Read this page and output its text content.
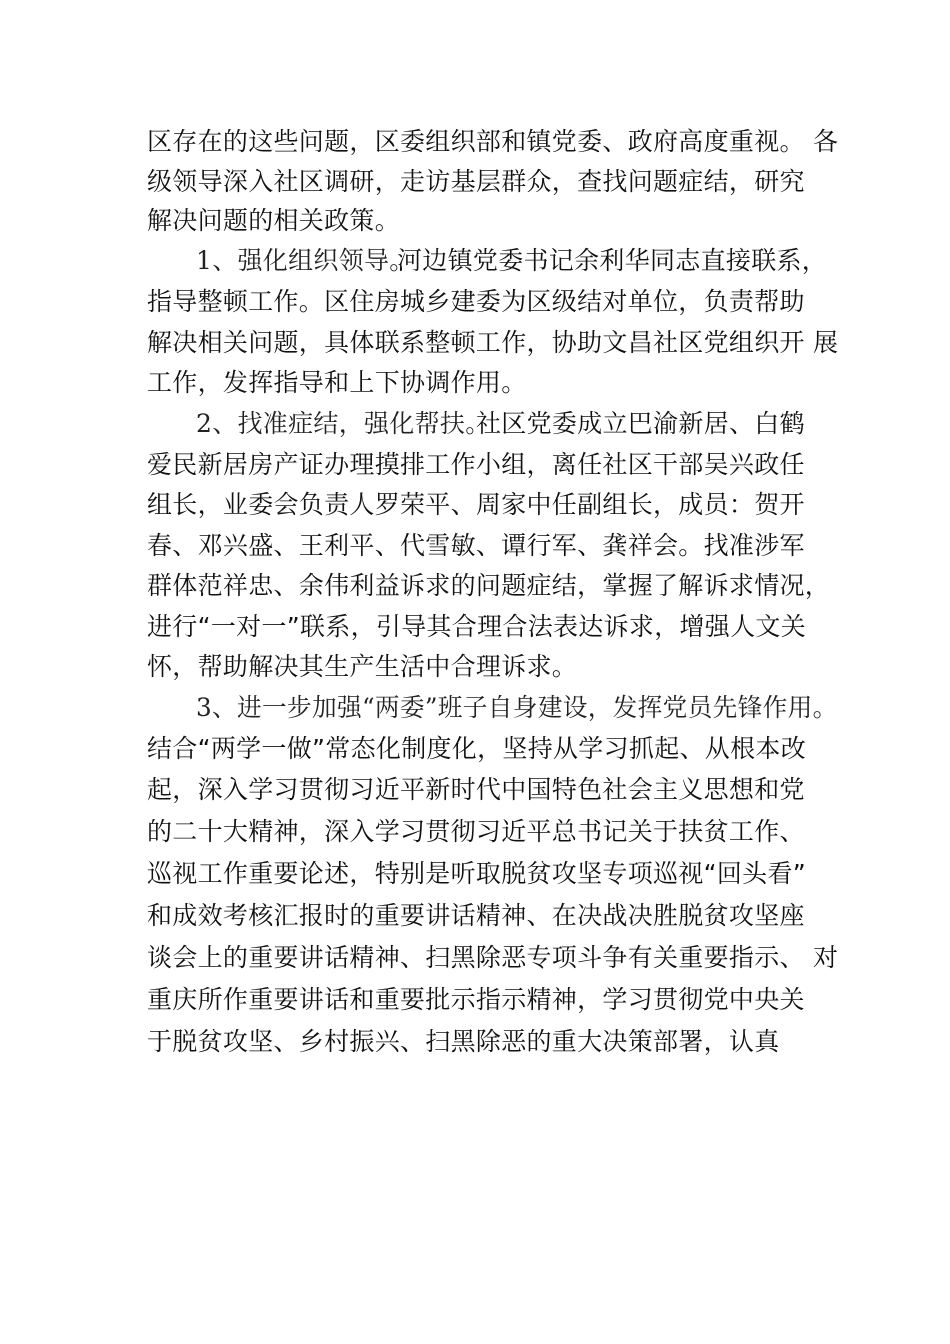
区存在的这些问题，区委组织部和镇党委、政府高度重视。 各
级领导深入社区调研，走访基层群众，查找问题症结，研究
解决问题的相关政策。
1、强化组织领导。
河边镇党委书记余利华同志直接联系，
指导整顿工作。区住房城乡建委为区级结对单位，负责帮助
解决相关问题，具体联系整顿工作，协助文昌社区党组织开 展
工作，发挥指导和上下协调作用。
2、找准症结，强化帮扶。
社区党委成立巴渝新居、白鹤
爱民新居房产证办理摸排工作小组，离任社区干部吴兴政任
组长，业委会负责人罗荣平、周家中任副组长，成员：贺开
春、邓兴盛、王利平、代雪敏、谭行军、龚祥会。找准涉军
群体范祥忠、余伟利益诉求的问题症结，掌握了解诉求情况，
进行“一对一”联系，引导其合理合法表达诉求，增强人文关
怀，帮助解决其生产生活中合理诉求。
3、进一步加强“两委”班子自身建设，发挥党员先锋作用。
结合“两学一做”常态化制度化，坚持从学习抓起、从根本改
起，深入学习贯彻习近平新时代中国特色社会主义思想和党
的二十大精神，深入学习贯彻习近平总书记关于扶贫工作、
巡视工作重要论述，特别是听取脱贫攻坚专项巡视“回头看”
和成效考核汇报时的重要讲话精神、在决战决胜脱贫攻坚座
谈会上的重要讲话精神、扫黑除恶专项斗争有关重要指示、 对
重庆所作重要讲话和重要批示指示精神，学习贯彻党中央关
于脱贫攻坚、乡村振兴、扫黑除恶的重大决策部署，认真
